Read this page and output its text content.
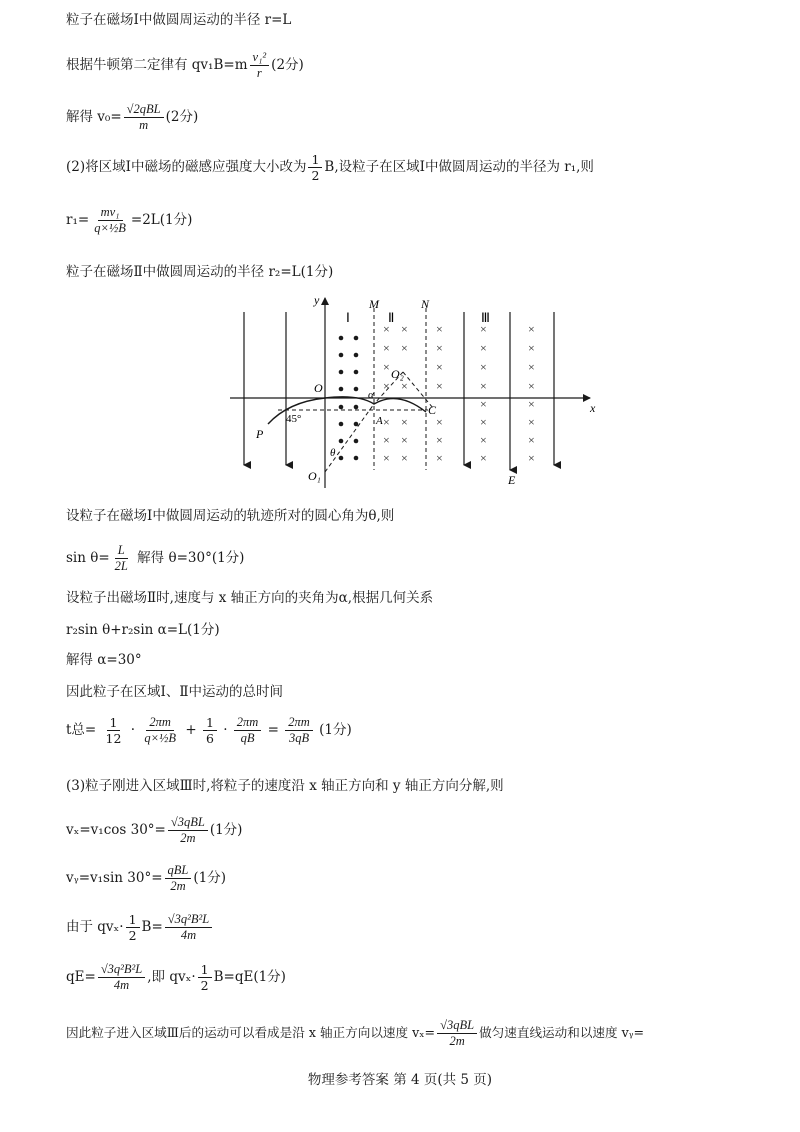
粒子在磁场Ⅰ中做圆周运动的半径 r=L
根据牛顿第二定律有 $qv_1B=m \frac{\text{v₁²}}{r} (2$分)
解得 $v_0= \frac{\text{√2qBL}}{m} (2$分)
(2)将区域Ⅰ中磁场的磁感应强度大小改为 $\frac{1}{2} B$,设粒子在区域Ⅰ中做圆周运动的半径为 r₁,则
$r_1= \frac{\text{mv₁}}{\text{q×½B}} =2L(1$分)
粒子在磁场Ⅱ中做圆周运动的半径 r₂=L(1分)
x
y	M	N
Ⅰ	Ⅱ	Ⅲ
× ×
× ×
×
× ×
× ×
× ×
× ×
×
×
×
×
×
×
×
×
×
×
×
×
×
×
×
×
×
×
×
×
×
×
×
E
O
O₁
O₂
P
A
C
45°
θ
α
设粒子在磁场Ⅰ中做圆周运动的轨迹所对的圆心角为θ,则
$\sin \theta= \frac{L}{2L}$ 解得 θ=30°(1分)
设粒子出磁场Ⅱ时,速度与 x 轴正方向的夹角为α,根据几何关系
r₂sin θ+r₂sin α=L(1分)
解得 α=30°
因此粒子在区域Ⅰ、Ⅱ中运动的总时间
t总= $\frac{1}{12} \cdot \frac{2\pi m}{\text{q×½B}} + \frac{1}{6} \cdot \frac{2\pi m}{qB} = \frac{2\pi m}{3qB} (1$分)
(3)粒子刚进入区域Ⅲ时,将粒子的速度沿 x 轴正方向和 y 轴正方向分解,则
vₓ=v₁cos $30^\circ= \frac{\text{√3qBL}}{2m} (1$分)
vᵧ=v₁sin $30^\circ= \frac{\text{qBL}}{2m} (1$分)
由于 $qv_x\cdot \frac{1}{2} B= \frac{\text{√3q²B²L}}{4m}$
$qE= \frac{\text{√3q²B²L}}{4m}$ ,即 $qv_x\cdot \frac{1}{2} B=qE(1$分)
因此粒子进入区域Ⅲ后的运动可以看成是沿 x 轴正方向以速度 $v_x= \frac{\text{√3qBL}}{2m}$ 做匀速直线运动和以速度 vᵧ=
物理参考答案 第 4 页(共 5 页)
